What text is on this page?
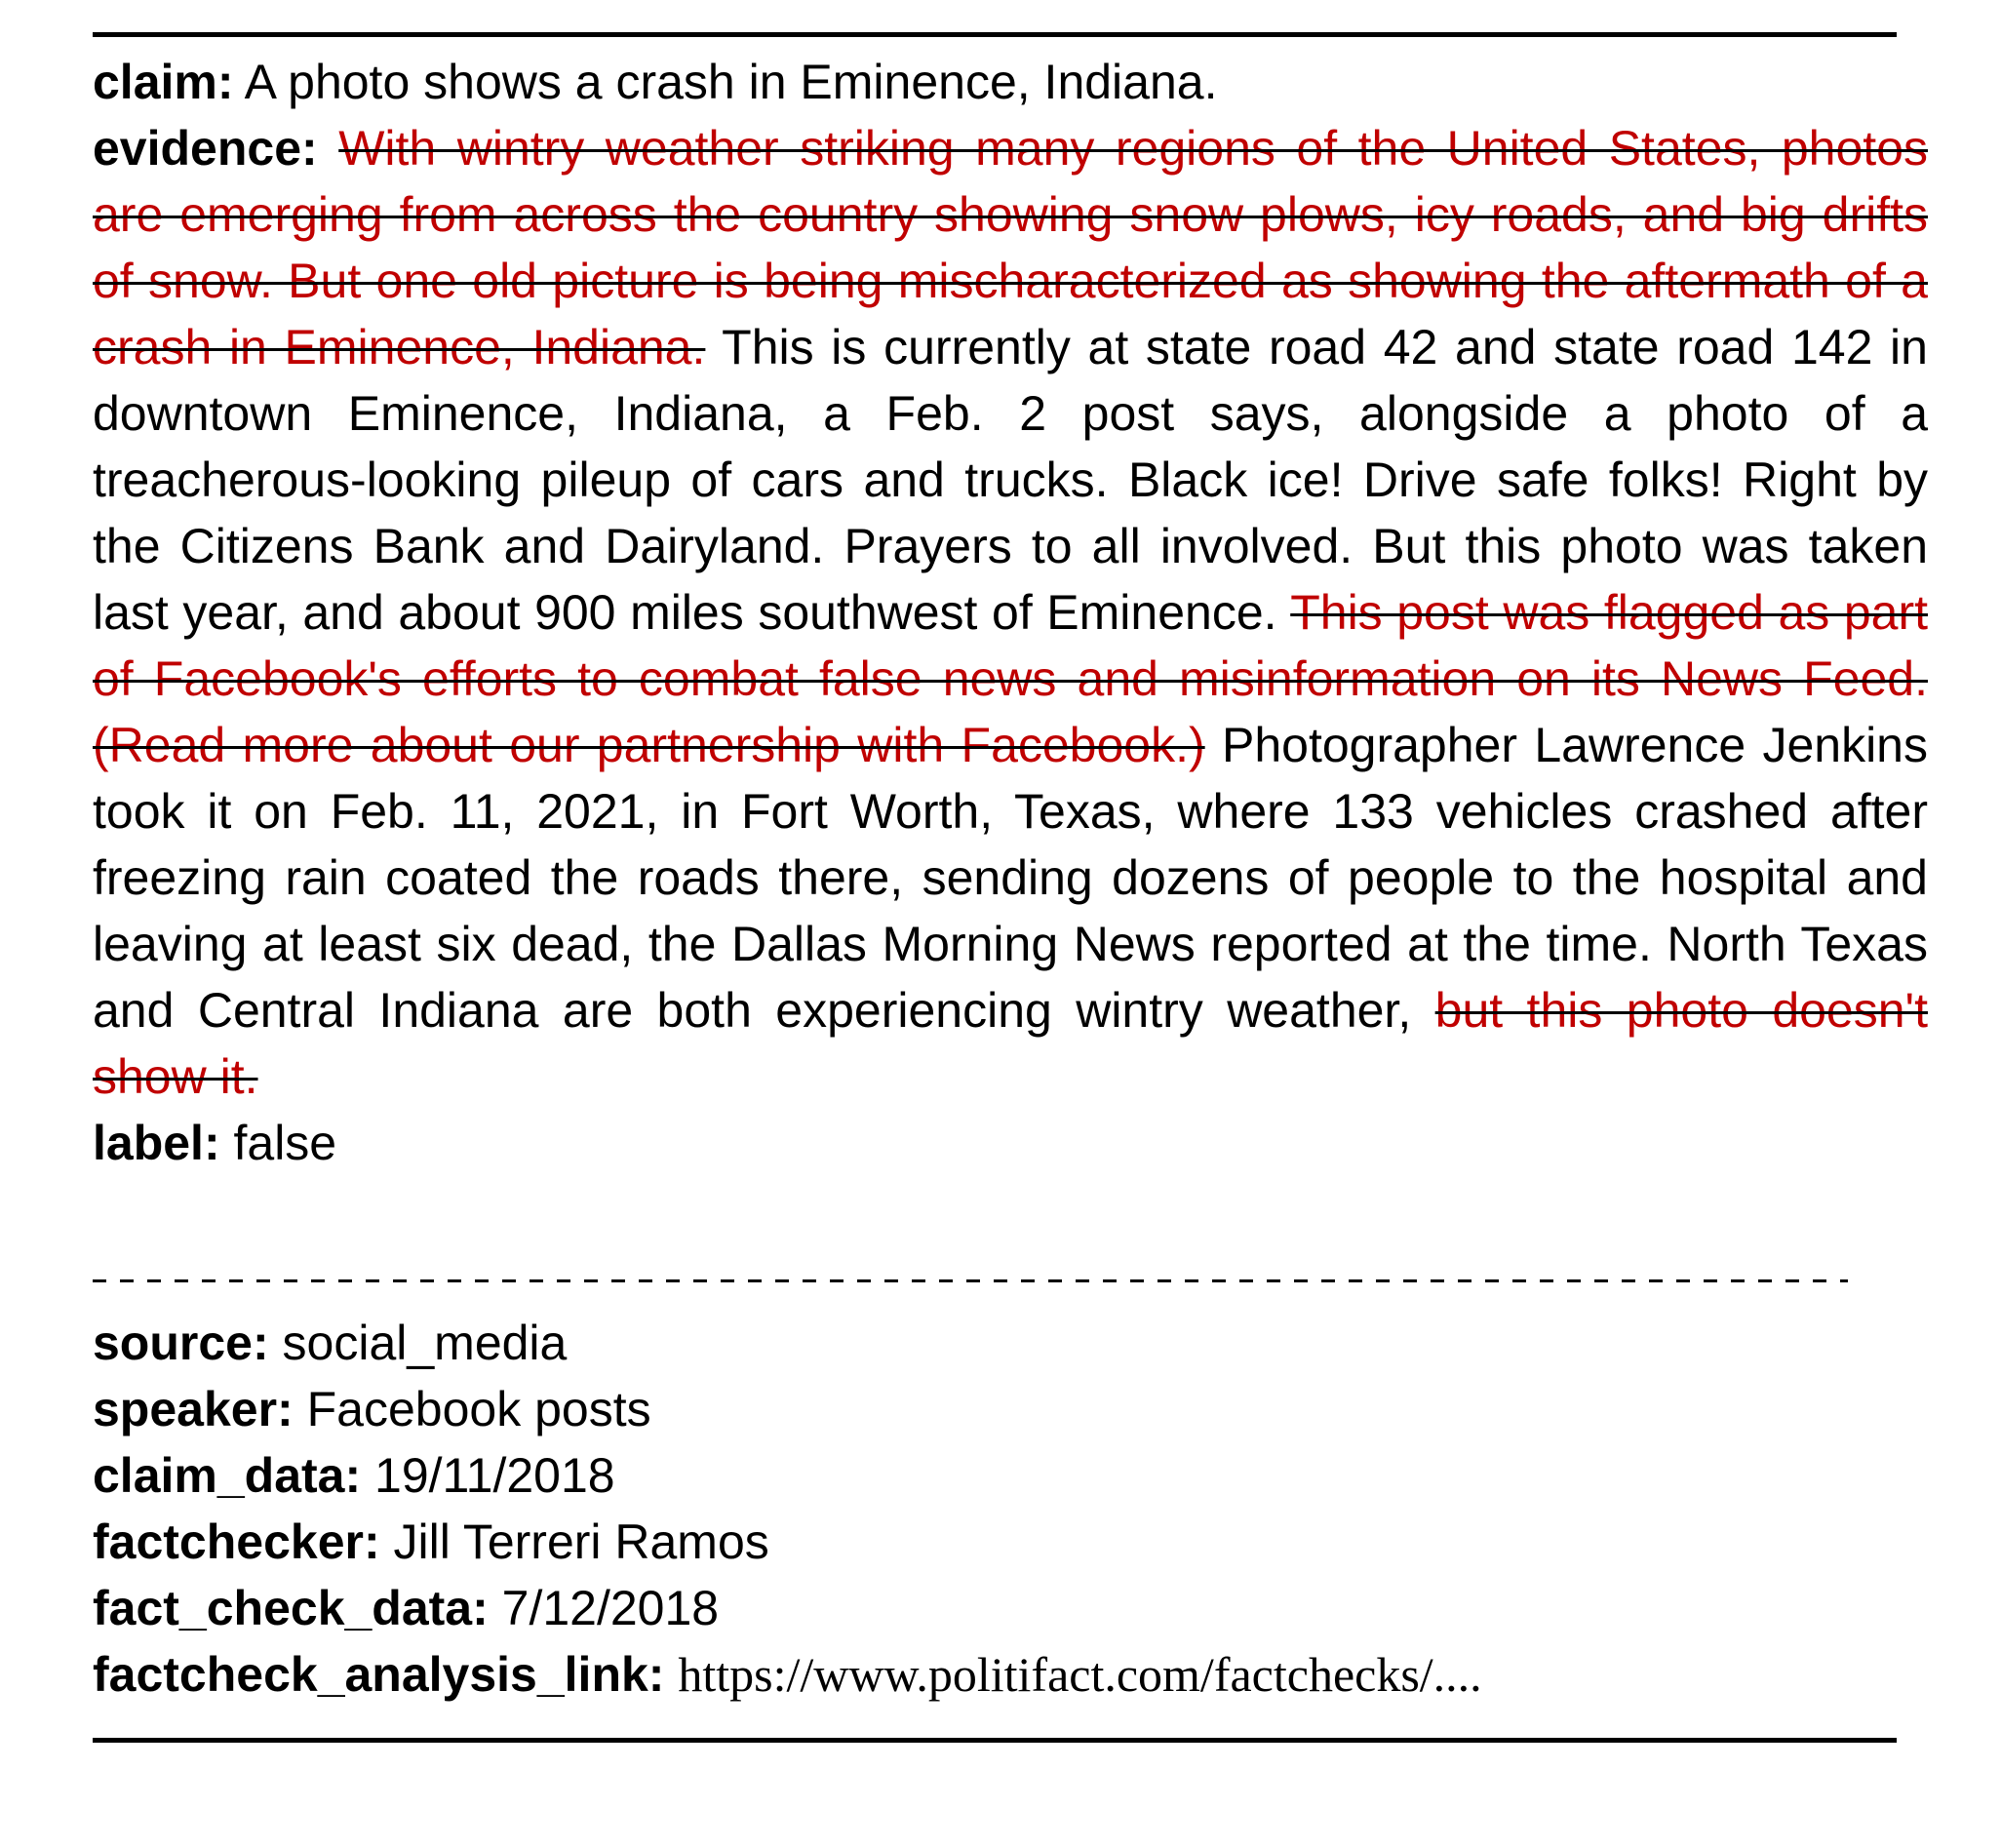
claim: A photo shows a crash in Eminence, Indiana.

evidence: With wintry weather striking many regions of the United States, photos are emerging from across the country showing snow plows, icy roads, and big drifts of snow. But one old picture is being mischaracterized as showing the aftermath of a crash in Eminence, Indiana. This is currently at state road 42 and state road 142 in downtown Eminence, Indiana, a Feb. 2 post says, alongside a photo of a treacherous-looking pileup of cars and trucks. Black ice! Drive safe folks! Right by the Citizens Bank and Dairyland. Prayers to all involved. But this photo was taken last year, and about 900 miles southwest of Eminence. This post was flagged as part of Facebook's efforts to combat false news and misinformation on its News Feed. (Read more about our partnership with Facebook.) Photographer Lawrence Jenkins took it on Feb. 11, 2021, in Fort Worth, Texas, where 133 vehicles crashed after freezing rain coated the roads there, sending dozens of people to the hospital and leaving at least six dead, the Dallas Morning News reported at the time. North Texas and Central Indiana are both experiencing wintry weather, but this photo doesn't show it.

label: false

source: social_media

speaker: Facebook posts

claim_data: 19/11/2018

factchecker: Jill Terreri Ramos

fact_check_data: 7/12/2018

factcheck_analysis_link: https://www.politifact.com/factchecks/....
